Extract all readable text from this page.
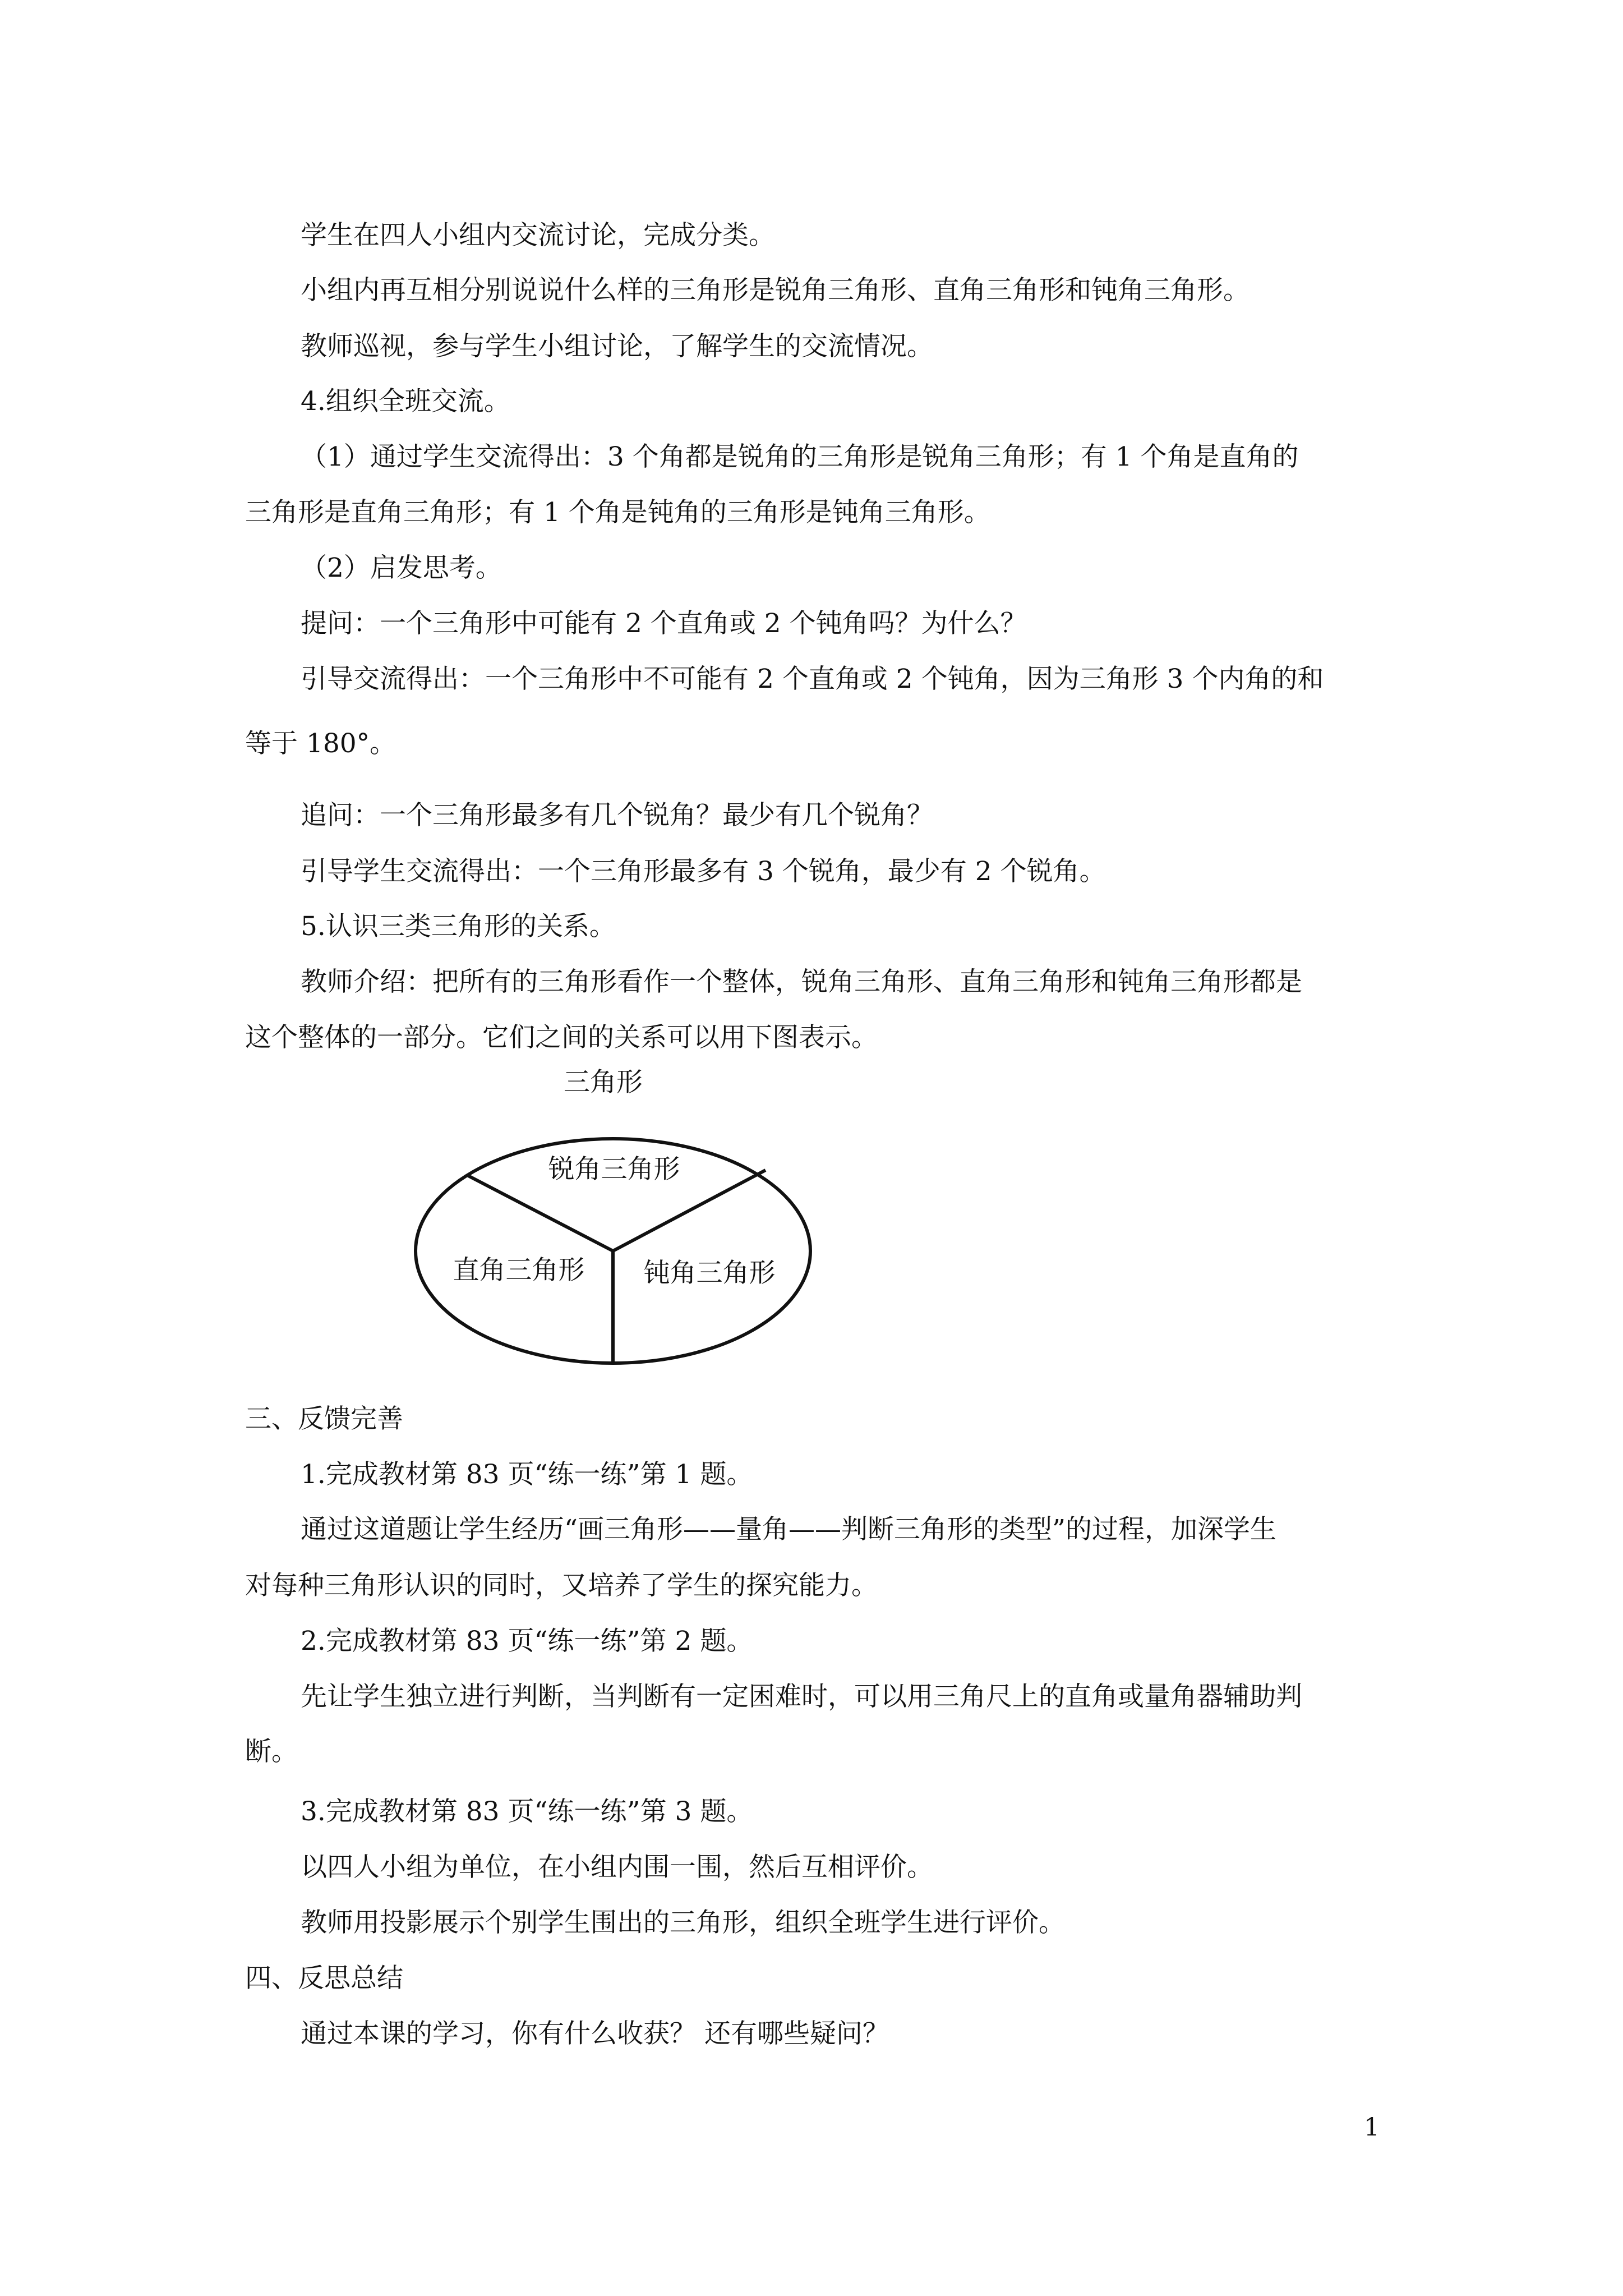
学生在四人小组内交流讨论，完成分类。
小组内再互相分别说说什么样的三角形是锐角三角形、直角三角形和钝角三角形。
教师巡视，参与学生小组讨论，了解学生的交流情况。
4.组织全班交流。
（1）通过学生交流得出：3 个角都是锐角的三角形是锐角三角形；有 1 个角是直角的
三角形是直角三角形；有 1 个角是钝角的三角形是钝角三角形。
（2）启发思考。
提问：一个三角形中可能有 2 个直角或 2 个钝角吗？为什么？
引导交流得出：一个三角形中不可能有 2 个直角或 2 个钝角，因为三角形 3 个内角的和
等于 180°。
追问：一个三角形最多有几个锐角？最少有几个锐角？
引导学生交流得出：一个三角形最多有 3 个锐角，最少有 2 个锐角。
5.认识三类三角形的关系。
教师介绍：把所有的三角形看作一个整体，锐角三角形、直角三角形和钝角三角形都是
这个整体的一部分。它们之间的关系可以用下图表示。
三角形
锐角三角形
直角三角形 钝角三角形
三、反馈完善
1.完成教材第 83 页“练一练”第 1 题。
通过这道题让学生经历“画三角形——量角——判断三角形的类型”的过程，加深学生
对每种三角形认识的同时，又培养了学生的探究能力。
2.完成教材第 83 页“练一练”第 2 题。
先让学生独立进行判断，当判断有一定困难时，可以用三角尺上的直角或量角器辅助判
断。
3.完成教材第 83 页“练一练”第 3 题。
以四人小组为单位，在小组内围一围，然后互相评价。
教师用投影展示个别学生围出的三角形，组织全班学生进行评价。
四、反思总结
通过本课的学习，你有什么收获？ 还有哪些疑问？
1
